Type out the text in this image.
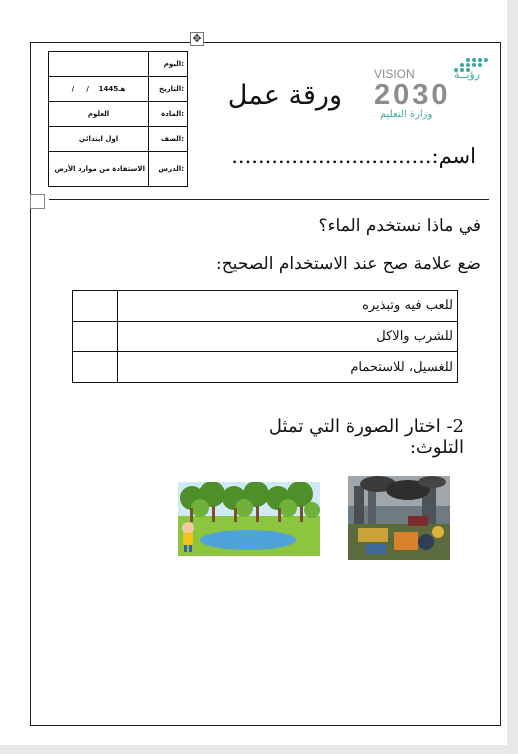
✥
	اليوم:
/     /    1445هـ	التاريخ:
العلوم	المادة:
اول ابتدائي	الصف:
الاستفادة من موارد الأرض	الدرس:
VISION	رؤيــة
2030
وزارة التعليم
ورقة عمل
اسم:..............................
في ماذا نستخدم الماء؟
ضع علامة صح عند الاستخدام الصحيح:
للعب فيه وتبذيره	
للشرب والاكل	
للغسيل، للاستحمام	
2- اختار الصورة التي تمثل التلوث:
